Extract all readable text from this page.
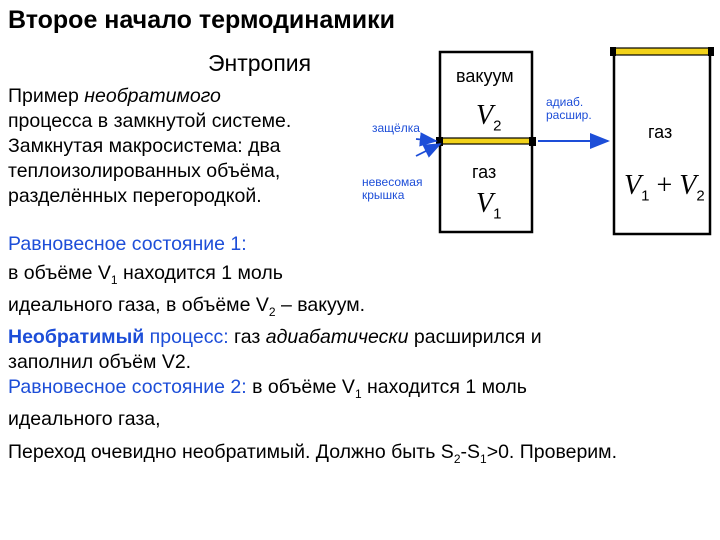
Второе начало термодинамики
Энтропия
Пример необратимого
процесса в замкнутой системе.
Замкнутая макросистема: два
теплоизолированных объёма,
разделённых перегородкой.
вакуум
$V_2$
газ
$V_1$
газ
$V_1 + V_2$
защёлка
невесомая
крышка
адиаб.
расшир.

Равновесное состояние 1:

в объёме $V_1$ находится 1 моль

идеального газа, в объёме $V_2$ – вакуум.

Необратимый процесс: газ адиабатически расширился и

заполнил объём V2.

Равновесное состояние 2: в объёме $V_1$ находится 1 моль

идеального газа,

Переход очевидно необратимый. Должно быть $S_2-S_1>0$. Проверим.
